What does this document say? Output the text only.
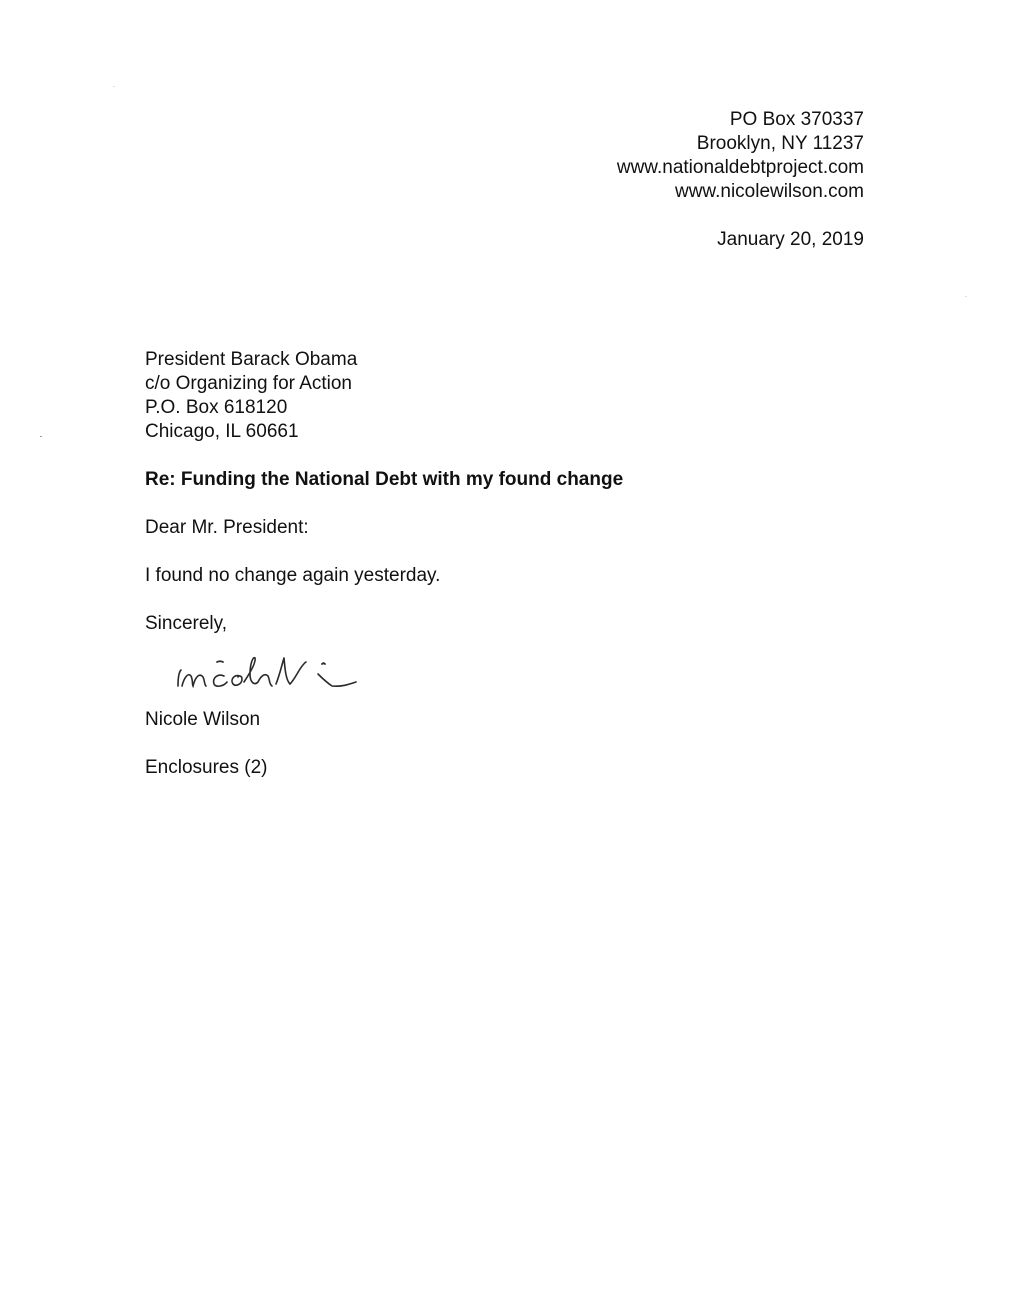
PO Box 370337
Brooklyn, NY 11237
www.nationaldebtproject.com
www.nicolewilson.com
January 20, 2019
President Barack Obama
c/o Organizing for Action
P.O. Box 618120
Chicago, IL 60661
Re: Funding the National Debt with my found change
Dear Mr. President:
I found no change again yesterday.
Sincerely,
Nicole Wilson
Enclosures (2)
